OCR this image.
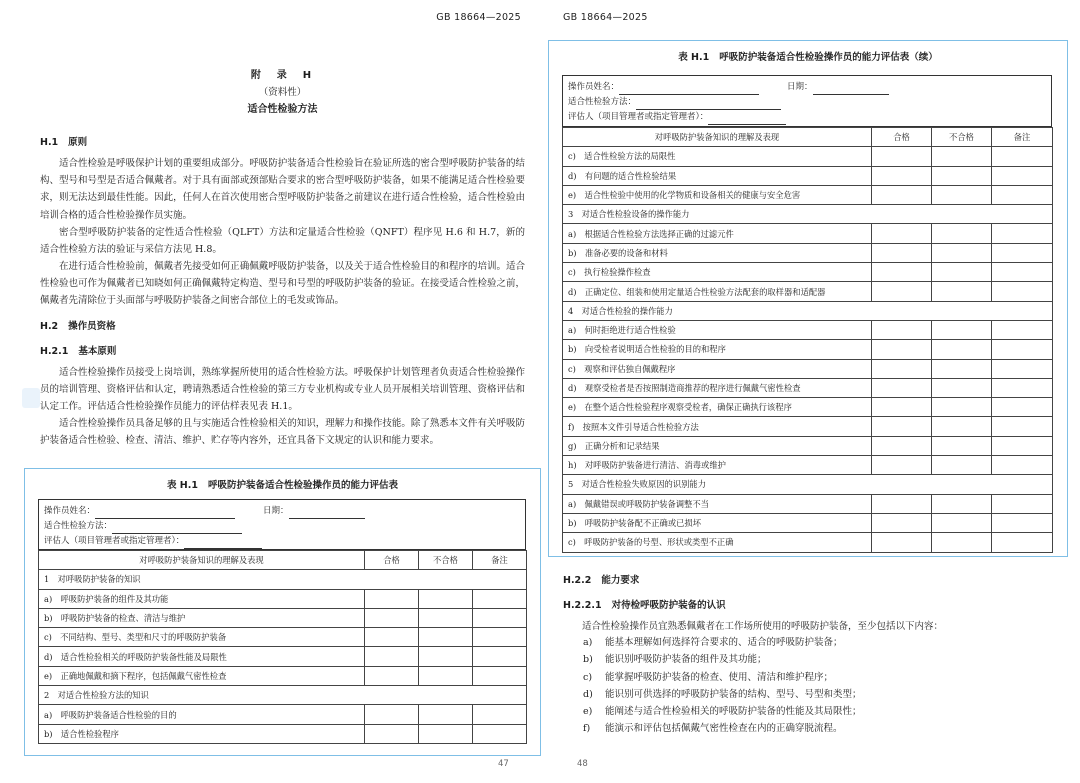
GB 18664—2025
附　录　H
（资料性）
适合性检验方法
H.1 原则

适合性检验是呼吸保护计划的重要组成部分。呼吸防护装备适合性检验旨在验证所选的密合型呼吸防护装备的结构、型号和号型是否适合佩戴者。对于具有面部或颈部贴合要求的密合型呼吸防护装备，如果不能满足适合性检验要求，则无法达到最佳性能。因此，任何人在首次使用密合型呼吸防护装备之前建议在进行适合性检验，适合性检验由培训合格的适合性检验操作员实施。

密合型呼吸防护装备的定性适合性检验（QLFT）方法和定量适合性检验（QNFT）程序见 H.6 和 H.7，新的适合性检验方法的验证与采信方法见 H.8。

在进行适合性检验前，佩戴者先接受如何正确佩戴呼吸防护装备，以及关于适合性检验目的和程序的培训。适合性检验也可作为佩戴者已知晓如何正确佩戴特定构造、型号和号型的呼吸防护装备的验证。在接受适合性检验之前，佩戴者先清除位于头面部与呼吸防护装备之间密合部位上的毛发或饰品。

H.2 操作员资格
H.2.1 基本原则

适合性检验操作员接受上岗培训，熟练掌握所使用的适合性检验方法。呼吸保护计划管理者负责适合性检验操作员的培训管理、资格评估和认定，聘请熟悉适合性检验的第三方专业机构或专业人员开展相关培训管理、资格评估和认定工作。评估适合性检验操作员能力的评估样表见表 H.1。

适合性检验操作员具备足够的且与实施适合性检验相关的知识，理解力和操作技能。除了熟悉本文件有关呼吸防护装备适合性检验、检查、清洁、维护、贮存等内容外，还宜具备下文规定的认识和能力要求。

表 H.1 呼吸防护装备适合性检验操作员的能力评估表
操作员姓名：	日期：
适合性检验方法：
评估人（项目管理者或指定管理者）：
对呼吸防护装备知识的理解及表现	合格	不合格	备注
1　对呼吸防护装备的知识			
a)　呼吸防护装备的组件及其功能			
b)　呼吸防护装备的检查、清洁与维护			
c)　不同结构、型号、类型和尺寸的呼吸防护装备			
d)　适合性检验相关的呼吸防护装备性能及局限性			
e)　正确地佩戴和摘下程序，包括佩戴气密性检查			
2　对适合性检验方法的知识			
a)　呼吸防护装备适合性检验的目的			
b)　适合性检验程序			
47
GB 18664—2025
表 H.1 呼吸防护装备适合性检验操作员的能力评估表（续）
操作员姓名：	日期：
适合性检验方法：
评估人（项目管理者或指定管理者）：
对呼吸防护装备知识的理解及表现	合格	不合格	备注
c)　适合性检验方法的局限性			
d)　有问题的适合性检验结果			
e)　适合性检验中使用的化学物质和设备相关的健康与安全危害			
3　对适合性检验设备的操作能力			
a)　根据适合性检验方法选择正确的过滤元件			
b)　准备必要的设备和材料			
c)　执行检验操作检查			
d)　正确定位、组装和使用定量适合性检验方法配套的取样器和适配器			
4　对适合性检验的操作能力			
a)　何时拒绝进行适合性检验			
b)　向受检者说明适合性检验的目的和程序			
c)　观察和评估独自佩戴程序			
d)　观察受检者是否按照制造商推荐的程序进行佩戴气密性检查			
e)　在整个适合性检验程序观察受检者，确保正确执行该程序			
f)　按照本文件引导适合性检验方法			
g)　正确分析和记录结果			
h)　对呼吸防护装备进行清洁、消毒或维护			
5　对适合性检验失败原因的识别能力			
a)　佩戴错误或呼吸防护装备调整不当			
b)　呼吸防护装备配不正确或已损坏			
c)　呼吸防护装备的号型、形状或类型不正确			
H.2.2 能力要求
H.2.2.1 对待检呼吸防护装备的认识

适合性检验操作员宜熟悉佩戴者在工作场所使用的呼吸防护装备，至少包括以下内容：

a) 能基本理解如何选择符合要求的、适合的呼吸防护装备；
b) 能识别呼吸防护装备的组件及其功能；
c) 能掌握呼吸防护装备的检查、使用、清洁和维护程序；
d) 能识别可供选择的呼吸防护装备的结构、型号、号型和类型；
e) 能阐述与适合性检验相关的呼吸防护装备的性能及其局限性；
f) 能演示和评估包括佩戴气密性检查在内的正确穿脱流程。
48
